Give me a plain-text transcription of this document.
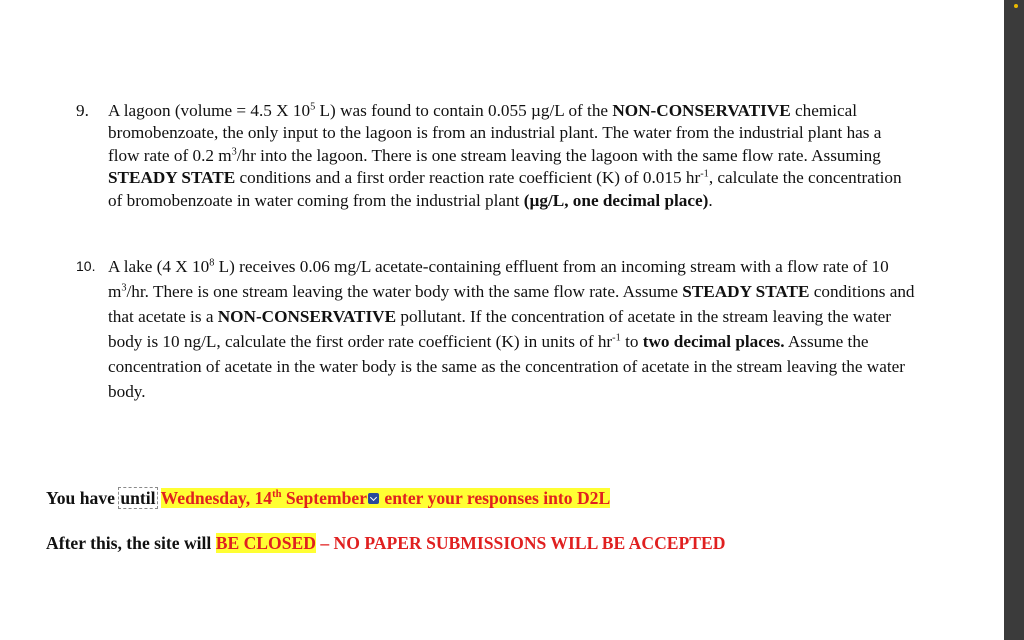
9.	A lagoon (volume = 4.5 X $10^5$ L) was found to contain 0.055 µg/L of the NON-CONSERVATIVE chemical bromobenzoate, the only input to the lagoon is from an industrial plant. The water from the industrial plant has a flow rate of 0.2 $m^3/hr$ into the lagoon. There is one stream leaving the lagoon with the same flow rate. Assuming STEADY STATE conditions and a first order reaction rate coefficient (K) of 0.015 $hr^{-1}$, calculate the concentration of bromobenzoate in water coming from the industrial plant (µg/L, one decimal place).
10. A lake (4 X $10^8$ L) receives 0.06 mg/L acetate-containing effluent from an incoming stream with a flow rate of 10 $m^3/hr$. There is one stream leaving the water body with the same flow rate. Assume STEADY STATE conditions and that acetate is a NON-CONSERVATIVE pollutant. If the concentration of acetate in the stream leaving the water body is 10 ng/L, calculate the first order rate coefficient (K) in units of $hr^{-1}$ to two decimal places. Assume the concentration of acetate in the water body is the same as the concentration of acetate in the stream leaving the water body.
You have until Wednesday, 14th September enter your responses into D2L
After this, the site will BE CLOSED – NO PAPER SUBMISSIONS WILL BE ACCEPTED
